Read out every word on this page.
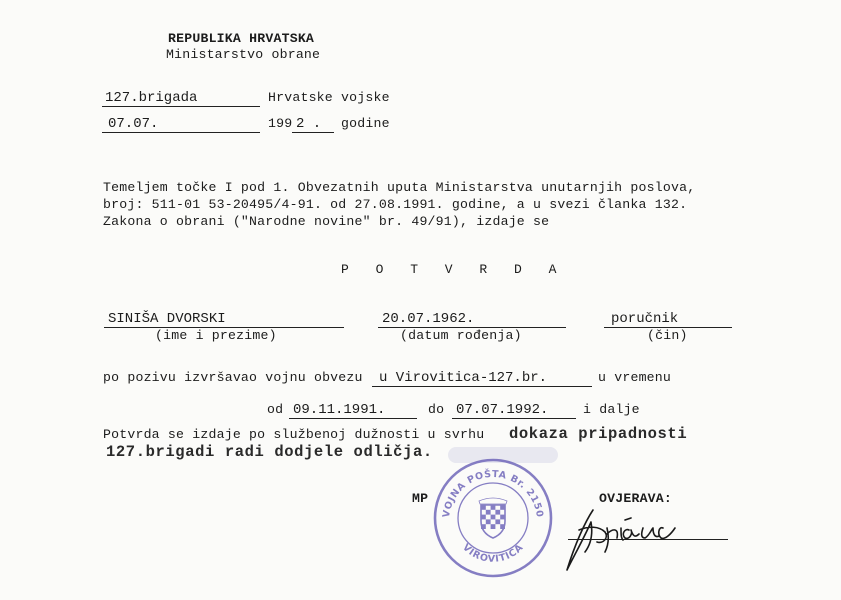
REPUBLIKA HRVATSKA
Ministarstvo obrane
127.brigada	Hrvatske vojske
07.07.	199 2 . godine
Temeljem točke I pod 1. Obvezatnih uputa Ministarstva unutarnjih poslova,
broj: 511-01 53-20495/4-91. od 27.08.1991. godine, a u svezi članka 132.
Zakona o obrani ("Narodne novine" br. 49/91), izdaje se
P O T V R D A
SINIŠA DVORSKI
(ime i prezime)
20.07.1962.
(datum rođenja)
poručnik
(čin)
po pozivu izvršavao vojnu obvezu u Virovitica-127.br.	u vremenu
od 09.11.1991.	do 07.07.1992.	i dalje
Potvrda se izdaje po službenoj dužnosti u svrhu dokaza pripadnosti
127.brigadi radi dodjele odličja.
MP	OVJERAVA:
VOJNA POŠTA Br. 2150
VIROVITICA
